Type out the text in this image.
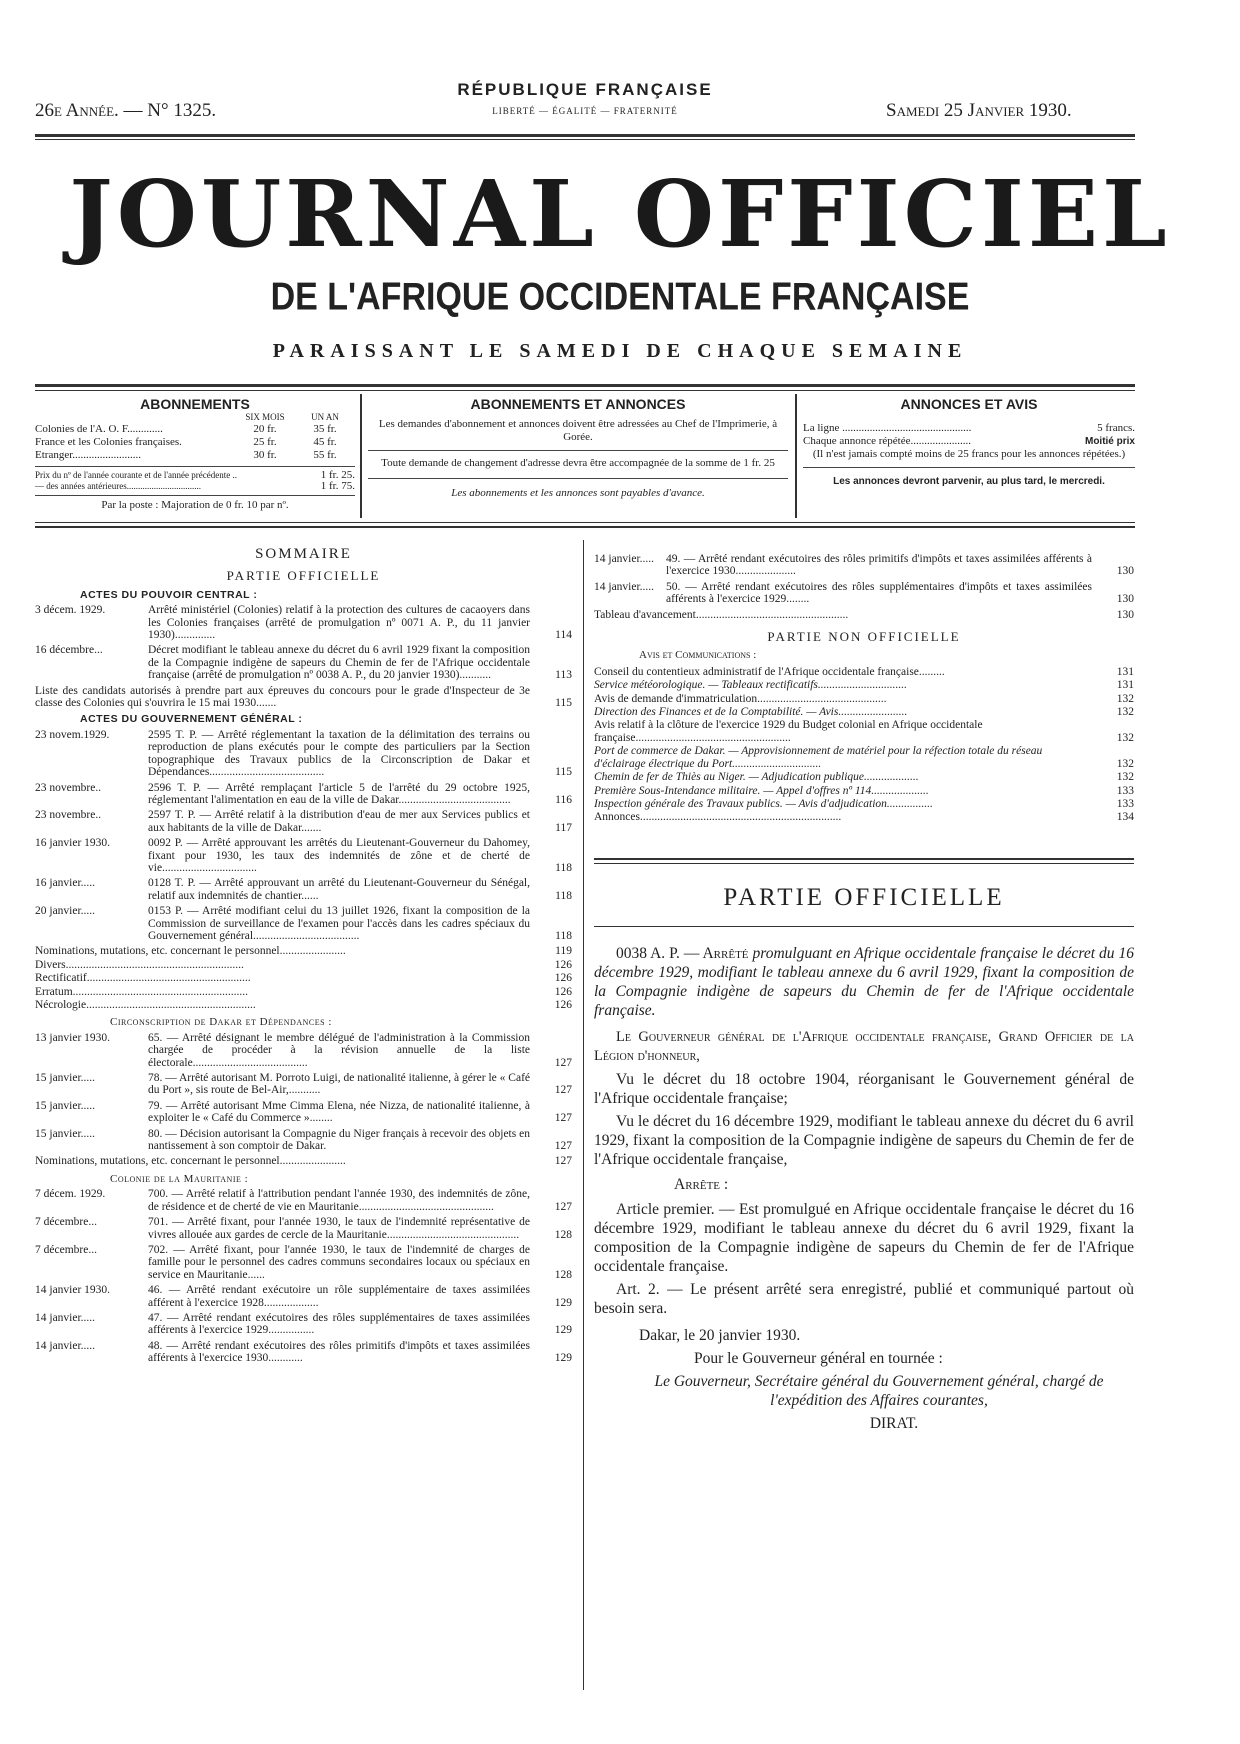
26e Année. — N° 1325.
RÉPUBLIQUE FRANÇAISE
LIBERTÉ — ÉGALITÉ — FRATERNITÉ	Samedi 25 Janvier 1930.
JOURNAL OFFICIEL
DE L'AFRIQUE OCCIDENTALE FRANÇAISE
PARAISSANT LE SAMEDI DE CHAQUE SEMAINE
ABONNEMENTS
SIX MOIS	UN AN
Colonies de l'A. O. F.............	20 fr.	35 fr.
France et les Colonies françaises.	25 fr.	45 fr.
Etranger.........................	30 fr.	55 fr.
Prix du nº de l'année courante et de l'année précédente ..	1 fr. 25.
— des années antérieures.................................	1 fr. 75.
Par la poste : Majoration de 0 fr. 10 par nº.
ABONNEMENTS ET ANNONCES
Les demandes d'abonnement et annonces doivent être adressées au Chef de l'Imprimerie, à Gorée.
Toute demande de changement d'adresse devra être accompagnée de la somme de 1 fr. 25
Les abonnements et les annonces sont payables d'avance.
ANNONCES ET AVIS
La ligne ...............................................	5 francs.
Chaque annonce répétée......................	Moitié prix
(Il n'est jamais compté moins de 25 francs pour les annonces répétées.)
Les annonces devront parvenir, au plus tard, le mercredi.
SOMMAIRE
PARTIE OFFICIELLE
ACTES DU POUVOIR CENTRAL :
3 décem. 1929.	Arrêté ministériel (Colonies) relatif à la protection des cultures de cacaoyers dans les Colonies françaises (arrêté de promulgation nº 0071 A. P., du 11 janvier 1930)..............	114
16 décembre...	Décret modifiant le tableau annexe du décret du 6 avril 1929 fixant la composition de la Compagnie indigène de sapeurs du Chemin de fer de l'Afrique occidentale française (arrêté de promulgation nº 0038 A. P., du 20 janvier 1930)...........	113
Liste des candidats autorisés à prendre part aux épreuves du concours pour le grade d'Inspecteur de 3e classe des Colonies qui s'ouvrira le 15 mai 1930.......	115
ACTES DU GOUVERNEMENT GÉNÉRAL :
23 novem.1929.	2595 T. P. — Arrêté réglementant la taxation de la délimitation des terrains ou reproduction de plans exécutés pour le compte des particuliers par la Section topographique des Travaux publics de la Circonscription de Dakar et Dépendances........................................	115
23 novembre..	2596 T. P. — Arrêté remplaçant l'article 5 de l'arrêté du 29 octobre 1925, réglementant l'alimentation en eau de la ville de Dakar.......................................	116
23 novembre..	2597 T. P. — Arrêté relatif à la distribution d'eau de mer aux Services publics et aux habitants de la ville de Dakar.......	117
16 janvier 1930.	0092 P. — Arrêté approuvant les arrêtés du Lieutenant-Gouverneur du Dahomey, fixant pour 1930, les taux des indemnités de zône et de cherté de vie.................................	118
16 janvier.....	0128 T. P. — Arrêté approuvant un arrêté du Lieutenant-Gouverneur du Sénégal, relatif aux indemnités de chantier......	118
20 janvier.....	0153 P. — Arrêté modifiant celui du 13 juillet 1926, fixant la composition de la Commission de surveillance de l'examen pour l'accès dans les cadres spéciaux du Gouvernement général.....................................	118
Nominations, mutations, etc. concernant le personnel.......................	119
Divers..............................................................	126
Rectificatif.........................................................	126
Erratum.............................................................	126
Nécrologie...........................................................	126
Circonscription de Dakar et Dépendances :
13 janvier 1930.	65. — Arrêté désignant le membre délégué de l'administration à la Commission chargée de procéder à la révision annuelle de la liste électorale........................................	127
15 janvier.....	78. — Arrêté autorisant M. Porroto Luigi, de nationalité italienne, à gérer le « Café du Port », sis route de Bel-Air,...........	127
15 janvier.....	79. — Arrêté autorisant Mme Cimma Elena, née Nizza, de nationalité italienne, à exploiter le « Café du Commerce »........	127
15 janvier.....	80. — Décision autorisant la Compagnie du Niger français à recevoir des objets en nantissement à son comptoir de Dakar.	127
Nominations, mutations, etc. concernant le personnel.......................	127
Colonie de la Mauritanie :
7 décem. 1929.	700. — Arrêté relatif à l'attribution pendant l'année 1930, des indemnités de zône, de résidence et de cherté de vie en Mauritanie...............................................	127
7 décembre...	701. — Arrêté fixant, pour l'année 1930, le taux de l'indemnité représentative de vivres allouée aux gardes de cercle de la Mauritanie..............................................	128
7 décembre...	702. — Arrêté fixant, pour l'année 1930, le taux de l'indemnité de charges de famille pour le personnel des cadres communs secondaires locaux ou spéciaux en service en Mauritanie......	128
14 janvier 1930.	46. — Arrêté rendant exécutoire un rôle supplémentaire de taxes assimilées afférent à l'exercice 1928...................	129
14 janvier.....	47. — Arrêté rendant exécutoires des rôles supplémentaires de taxes assimilées afférents à l'exercice 1929................	129
14 janvier.....	48. — Arrêté rendant exécutoires des rôles primitifs d'impôts et taxes assimilées afférents à l'exercice 1930............	129
14 janvier.....	49. — Arrêté rendant exécutoires des rôles primitifs d'impôts et taxes assimilées afférents à l'exercice 1930.....................	130
14 janvier.....	50. — Arrêté rendant exécutoires des rôles supplémentaires d'impôts et taxes assimilées afférents à l'exercice 1929........	130
Tableau d'avancement.....................................................	130
PARTIE NON OFFICIELLE
Avis et Communications :
Conseil du contentieux administratif de l'Afrique occidentale française.........	131
Service météorologique. — Tableaux rectificatifs...............................	131
Avis de demande d'immatriculation.............................................	132
Direction des Finances et de la Comptabilité. — Avis........................	132
Avis relatif à la clôture de l'exercice 1929 du Budget colonial en Afrique occidentale française......................................................	132
Port de commerce de Dakar. — Approvisionnement de matériel pour la réfection totale du réseau d'éclairage électrique du Port...............................	132
Chemin de fer de Thiès au Niger. — Adjudication publique...................	132
Première Sous-Intendance militaire. — Appel d'offres nº 114....................	133
Inspection générale des Travaux publics. — Avis d'adjudication................	133
Annonces......................................................................	134
PARTIE OFFICIELLE

0038 A. P. — Arrêté promulguant en Afrique occidentale française le décret du 16 décembre 1929, modifiant le tableau annexe du 6 avril 1929, fixant la composition de la Compagnie indigène de sapeurs du Chemin de fer de l'Afrique occidentale française.

Le Gouverneur général de l'Afrique occidentale française, Grand Officier de la Légion d'honneur,

Vu le décret du 18 octobre 1904, réorganisant le Gouvernement général de l'Afrique occidentale française;

Vu le décret du 16 décembre 1929, modifiant le tableau annexe du décret du 6 avril 1929, fixant la composition de la Compagnie indigène de sapeurs du Chemin de fer de l'Afrique occidentale française,

Arrête :

Article premier. — Est promulgué en Afrique occidentale française le décret du 16 décembre 1929, modifiant le tableau annexe du décret du 6 avril 1929, fixant la composition de la Compagnie indigène de sapeurs du Chemin de fer de l'Afrique occidentale française.

Art. 2. — Le présent arrêté sera enregistré, publié et communiqué partout où besoin sera.

Dakar, le 20 janvier 1930.

Pour le Gouverneur général en tournée :

Le Gouverneur, Secrétaire général du Gouvernement général, chargé de l'expédition des Affaires courantes,

DIRAT.
